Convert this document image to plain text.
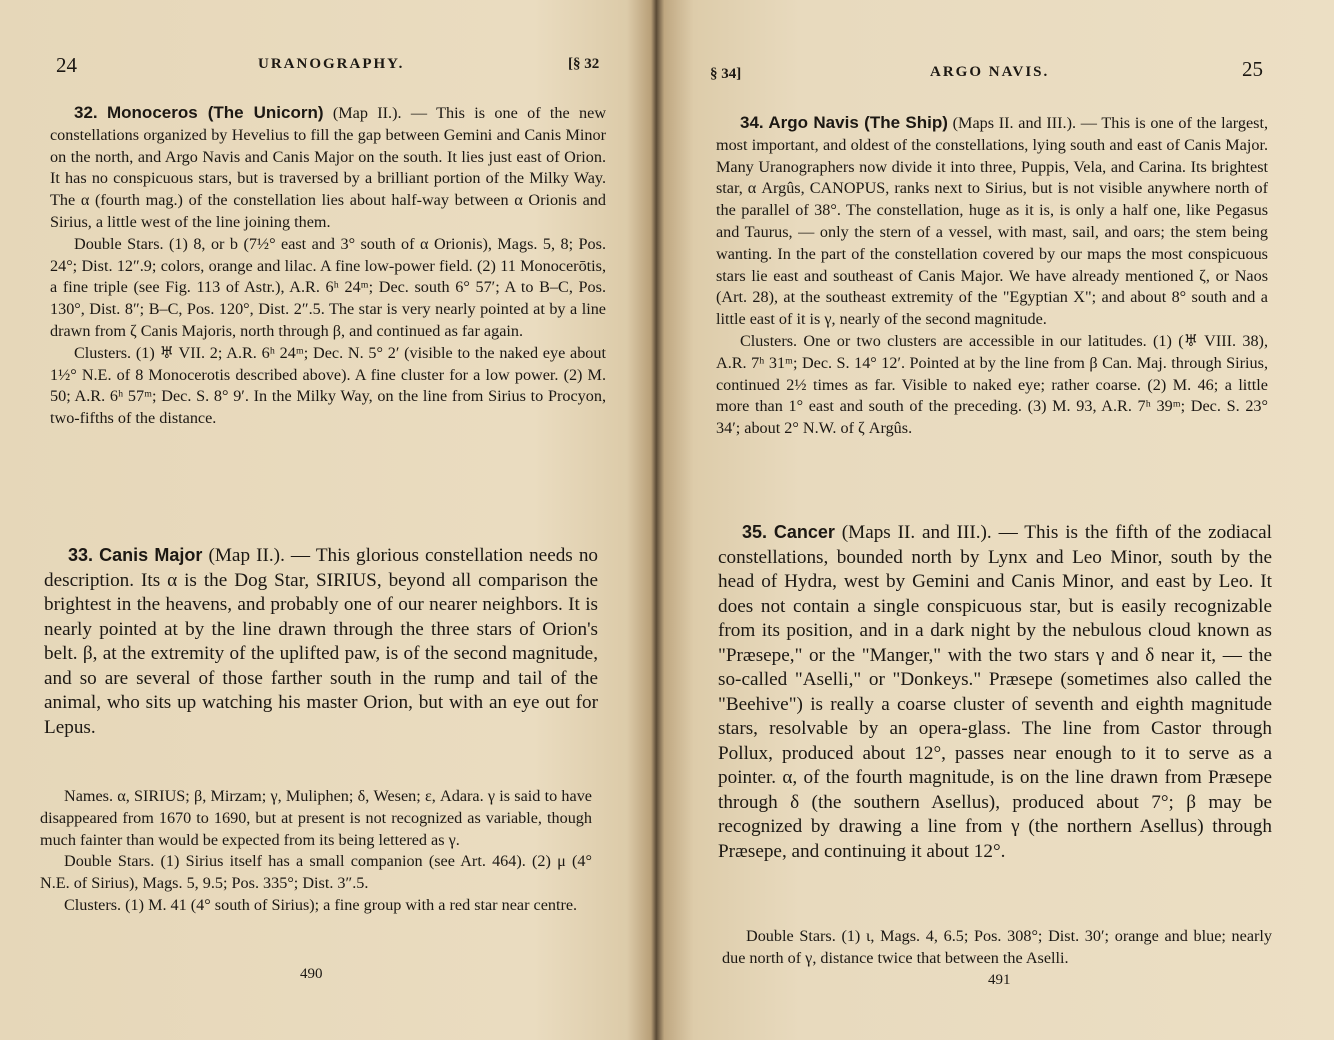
24	URANOGRAPHY.	[§ 32

32. Monoceros (The Unicorn) (Map II.). — This is one of the new constellations organized by Hevelius to fill the gap between Gemini and Canis Minor on the north, and Argo Navis and Canis Major on the south. It lies just east of Orion. It has no conspicuous stars, but is traversed by a brilliant portion of the Milky Way. The α (fourth mag.) of the constellation lies about half-way between α Orionis and Sirius, a little west of the line joining them.

Double Stars. (1) 8, or b (7½° east and 3° south of α Orionis), Mags. 5, 8; Pos. 24°; Dist. 12″.9; colors, orange and lilac. A fine low-power field. (2) 11 Monocerōtis, a fine triple (see Fig. 113 of Astr.), A.R. 6ʰ 24ᵐ; Dec. south 6° 57′; A to B–C, Pos. 130°, Dist. 8″; B–C, Pos. 120°, Dist. 2″.5. The star is very nearly pointed at by a line drawn from ζ Canis Majoris, north through β, and continued as far again.

Clusters. (1) ♅ VII. 2; A.R. 6ʰ 24ᵐ; Dec. N. 5° 2′ (visible to the naked eye about 1½° N.E. of 8 Monocerotis described above). A fine cluster for a low power. (2) M. 50; A.R. 6ʰ 57ᵐ; Dec. S. 8° 9′. In the Milky Way, on the line from Sirius to Procyon, two-fifths of the distance.

33. Canis Major (Map II.). — This glorious constellation needs no description. Its α is the Dog Star, SIRIUS, beyond all comparison the brightest in the heavens, and probably one of our nearer neighbors. It is nearly pointed at by the line drawn through the three stars of Orion's belt. β, at the extremity of the uplifted paw, is of the second magnitude, and so are several of those farther south in the rump and tail of the animal, who sits up watching his master Orion, but with an eye out for Lepus.

Names. α, SIRIUS; β, Mirzam; γ, Muliphen; δ, Wesen; ε, Adara. γ is said to have disappeared from 1670 to 1690, but at present is not recognized as variable, though much fainter than would be expected from its being lettered as γ.

Double Stars. (1) Sirius itself has a small companion (see Art. 464). (2) μ (4° N.E. of Sirius), Mags. 5, 9.5; Pos. 335°; Dist. 3″.5.

Clusters. (1) M. 41 (4° south of Sirius); a fine group with a red star near centre.

490
§ 34]	ARGO NAVIS.	25

34. Argo Navis (The Ship) (Maps II. and III.). — This is one of the largest, most important, and oldest of the constellations, lying south and east of Canis Major. Many Uranographers now divide it into three, Puppis, Vela, and Carina. Its brightest star, α Argûs, CANOPUS, ranks next to Sirius, but is not visible anywhere north of the parallel of 38°. The constellation, huge as it is, is only a half one, like Pegasus and Taurus, — only the stern of a vessel, with mast, sail, and oars; the stem being wanting. In the part of the constellation covered by our maps the most conspicuous stars lie east and southeast of Canis Major. We have already mentioned ζ, or Naos (Art. 28), at the southeast extremity of the "Egyptian X"; and about 8° south and a little east of it is γ, nearly of the second magnitude.

Clusters. One or two clusters are accessible in our latitudes. (1) (♅ VIII. 38), A.R. 7ʰ 31ᵐ; Dec. S. 14° 12′. Pointed at by the line from β Can. Maj. through Sirius, continued 2½ times as far. Visible to naked eye; rather coarse. (2) M. 46; a little more than 1° east and south of the preceding. (3) M. 93, A.R. 7ʰ 39ᵐ; Dec. S. 23° 34′; about 2° N.W. of ζ Argûs.

35. Cancer (Maps II. and III.). — This is the fifth of the zodiacal constellations, bounded north by Lynx and Leo Minor, south by the head of Hydra, west by Gemini and Canis Minor, and east by Leo. It does not contain a single conspicuous star, but is easily recognizable from its position, and in a dark night by the nebulous cloud known as "Præsepe," or the "Manger," with the two stars γ and δ near it, — the so-called "Aselli," or "Donkeys." Præsepe (sometimes also called the "Beehive") is really a coarse cluster of seventh and eighth magnitude stars, resolvable by an opera-glass. The line from Castor through Pollux, produced about 12°, passes near enough to it to serve as a pointer. α, of the fourth magnitude, is on the line drawn from Præsepe through δ (the southern Asellus), produced about 7°; β may be recognized by drawing a line from γ (the northern Asellus) through Præsepe, and continuing it about 12°.

Double Stars. (1) ι, Mags. 4, 6.5; Pos. 308°; Dist. 30′; orange and blue; nearly due north of γ, distance twice that between the Aselli.

491
